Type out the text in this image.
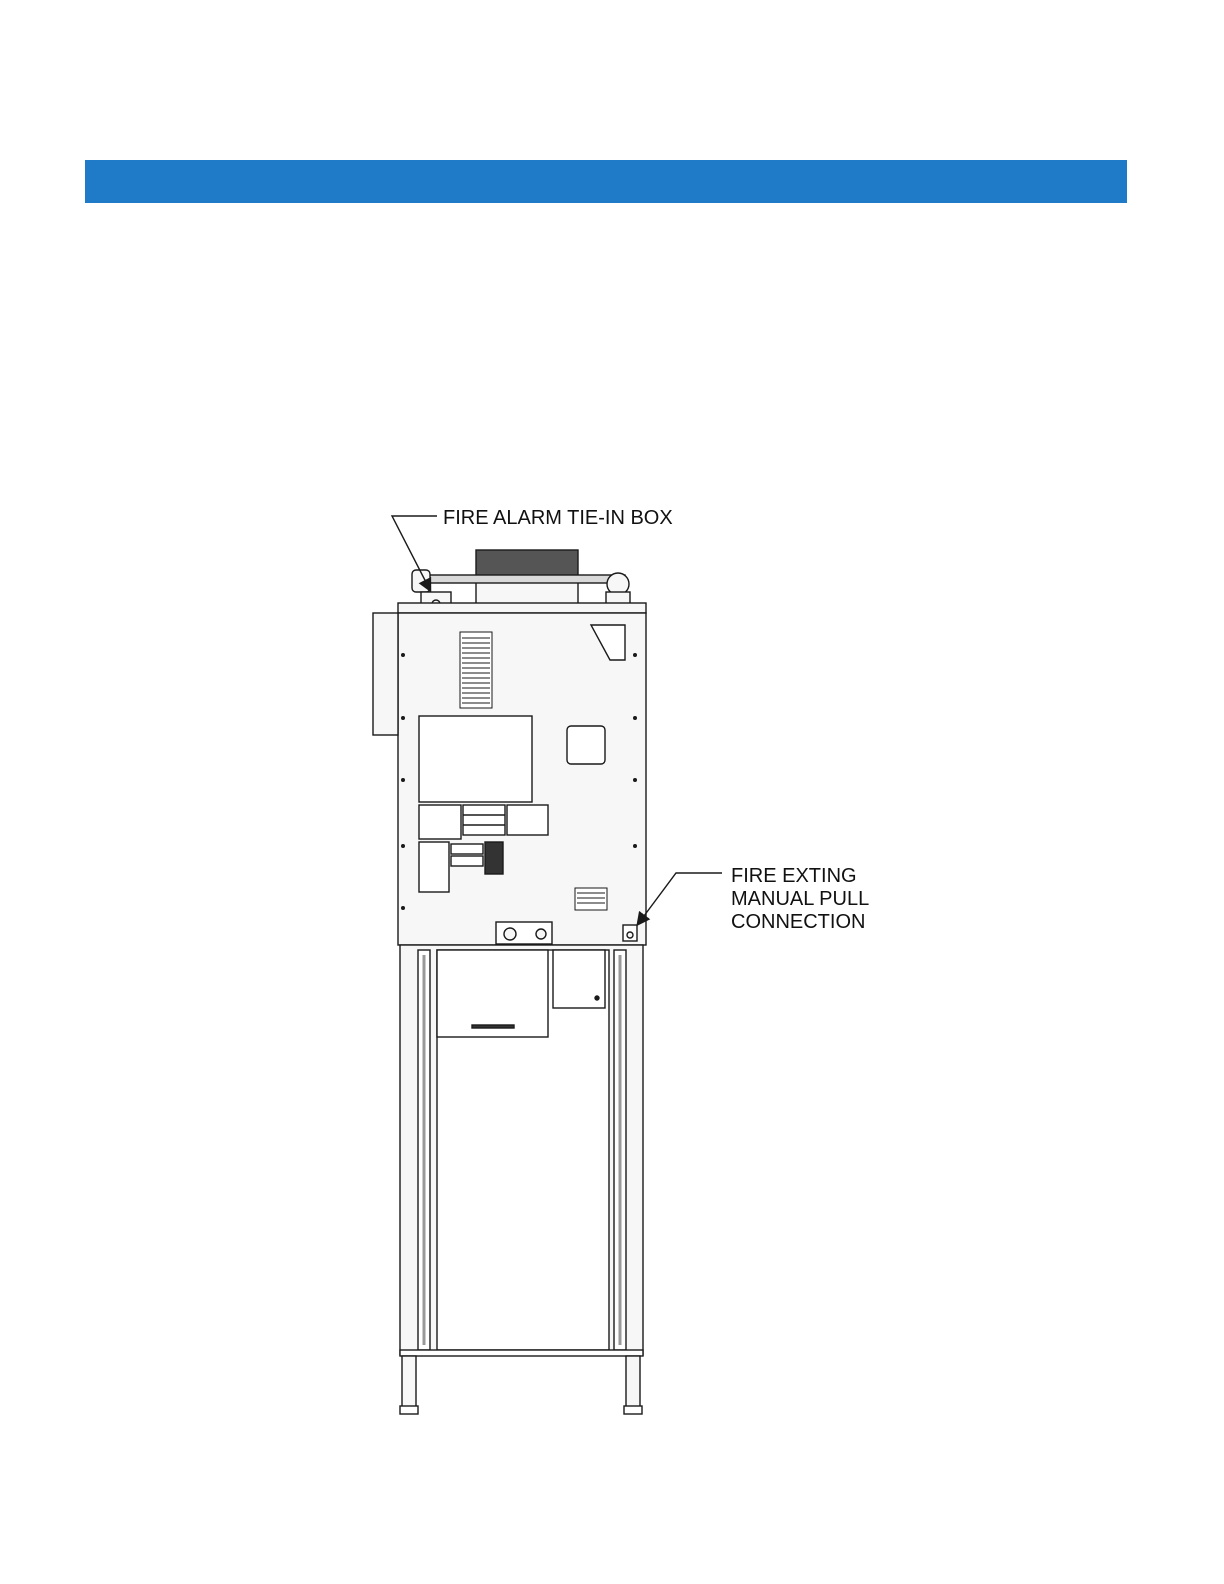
FIRE ALARM TIE-IN BOX
FIRE EXTING
MANUAL PULL
CONNECTION
